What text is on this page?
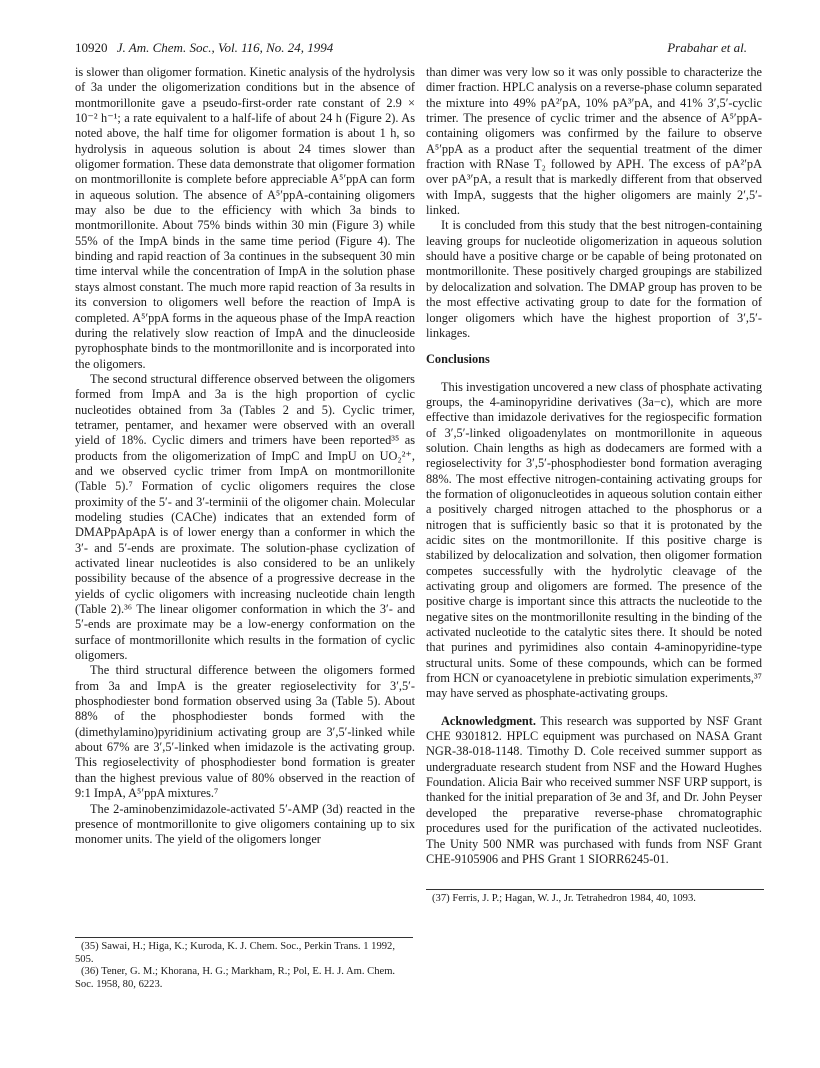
10920 J. Am. Chem. Soc., Vol. 116, No. 24, 1994	Prabahar et al.

is slower than oligomer formation. Kinetic analysis of the hydrolysis of 3a under the oligomerization conditions but in the absence of montmorillonite gave a pseudo-first-order rate constant of 2.9 × 10⁻² h⁻¹; a rate equivalent to a half-life of about 24 h (Figure 2). As noted above, the half time for oligomer formation is about 1 h, so hydrolysis in aqueous solution is about 24 times slower than oligomer formation. These data demonstrate that oligomer formation on montmorillonite is complete before appreciable A⁵′ppA can form in aqueous solution. The absence of A⁵′ppA-containing oligomers may also be due to the efficiency with which 3a binds to montmorillonite. About 75% binds within 30 min (Figure 3) while 55% of the ImpA binds in the same time period (Figure 4). The binding and rapid reaction of 3a continues in the subsequent 30 min time interval while the concentration of ImpA in the solution phase stays almost constant. The much more rapid reaction of 3a results in its conversion to oligomers well before the reaction of ImpA is completed. A⁵′ppA forms in the aqueous phase of the ImpA reaction during the relatively slow reaction of ImpA and the dinucleoside pyrophosphate binds to the montmorillonite and is incorporated into the oligomers.

The second structural difference observed between the oligomers formed from ImpA and 3a is the high proportion of cyclic nucleotides obtained from 3a (Tables 2 and 5). Cyclic trimer, tetramer, pentamer, and hexamer were observed with an overall yield of 18%. Cyclic dimers and trimers have been reported³⁵ as products from the oligomerization of ImpC and ImpU on UO₂²⁺, and we observed cyclic trimer from ImpA on montmorillonite (Table 5).⁷ Formation of cyclic oligomers requires the close proximity of the 5′- and 3′-terminii of the oligomer chain. Molecular modeling studies (CAChe) indicates that an extended form of DMAPpApApA is of lower energy than a conformer in which the 3′- and 5′-ends are proximate. The solution-phase cyclization of activated linear nucleotides is also considered to be an unlikely possibility because of the absence of a progressive decrease in the yields of cyclic oligomers with increasing nucleotide chain length (Table 2).³⁶ The linear oligomer conformation in which the 3′- and 5′-ends are proximate may be a low-energy conformation on the surface of montmorillonite which results in the formation of cyclic oligomers.

The third structural difference between the oligomers formed from 3a and ImpA is the greater regioselectivity for 3′,5′-phosphodiester bond formation observed using 3a (Table 5). About 88% of the phosphodiester bonds formed with the (dimethylamino)pyridinium activating group are 3′,5′-linked while about 67% are 3′,5′-linked when imidazole is the activating group. This regioselectivity of phosphodiester bond formation is greater than the highest previous value of 80% observed in the reaction of 9:1 ImpA, A⁵′ppA mixtures.⁷

The 2-aminobenzimidazole-activated 5′-AMP (3d) reacted in the presence of montmorillonite to give oligomers containing up to six monomer units. The yield of the oligomers longer

(35) Sawai, H.; Higa, K.; Kuroda, K. J. Chem. Soc., Perkin Trans. 1 1992, 505.

(36) Tener, G. M.; Khorana, H. G.; Markham, R.; Pol, E. H. J. Am. Chem. Soc. 1958, 80, 6223.

than dimer was very low so it was only possible to characterize the dimer fraction. HPLC analysis on a reverse-phase column separated the mixture into 49% pA²′pA, 10% pA³′pA, and 41% 3′,5′-cyclic trimer. The presence of cyclic trimer and the absence of A⁵′ppA-containing oligomers was confirmed by the failure to observe A⁵′ppA as a product after the sequential treatment of the dimer fraction with RNase T₂ followed by APH. The excess of pA²′pA over pA³′pA, a result that is markedly different from that observed with ImpA, suggests that the higher oligomers are mainly 2′,5′-linked.

It is concluded from this study that the best nitrogen-containing leaving groups for nucleotide oligomerization in aqueous solution should have a positive charge or be capable of being protonated on montmorillonite. These positively charged groupings are stabilized by delocalization and solvation. The DMAP group has proven to be the most effective activating group to date for the formation of longer oligomers which have the highest proportion of 3′,5′-linkages.

Conclusions

This investigation uncovered a new class of phosphate activating groups, the 4-aminopyridine derivatives (3a−c), which are more effective than imidazole derivatives for the regiospecific formation of 3′,5′-linked oligoadenylates on montmorillonite in aqueous solution. Chain lengths as high as dodecamers are formed with a regioselectivity for 3′,5′-phosphodiester bond formation averaging 88%. The most effective nitrogen-containing activating groups for the formation of oligonucleotides in aqueous solution contain either a positively charged nitrogen attached to the phosphorus or a nitrogen that is sufficiently basic so that it is protonated by the acidic sites on the montmorillonite. If this positive charge is stabilized by delocalization and solvation, then oligomer formation competes successfully with the hydrolytic cleavage of the activating group and oligomers are formed. The presence of the positive charge is important since this attracts the nucleotide to the negative sites on the montmorillonite resulting in the binding of the activated nucleotide to the catalytic sites there. It should be noted that purines and pyrimidines also contain 4-aminopyridine-type structural units. Some of these compounds, which can be formed from HCN or cyanoacetylene in prebiotic simulation experiments,³⁷ may have served as phosphate-activating groups.

Acknowledgment. This research was supported by NSF Grant CHE 9301812. HPLC equipment was purchased on NASA Grant NGR-38-018-1148. Timothy D. Cole received summer support as undergraduate research student from NSF and the Howard Hughes Foundation. Alicia Bair who received summer NSF URP support, is thanked for the initial preparation of 3e and 3f, and Dr. John Peyser developed the preparative reverse-phase chromatographic procedures used for the purification of the activated nucleotides. The Unity 500 NMR was purchased with funds from NSF Grant CHE-9105906 and PHS Grant 1 SIORR6245-01.

(37) Ferris, J. P.; Hagan, W. J., Jr. Tetrahedron 1984, 40, 1093.
